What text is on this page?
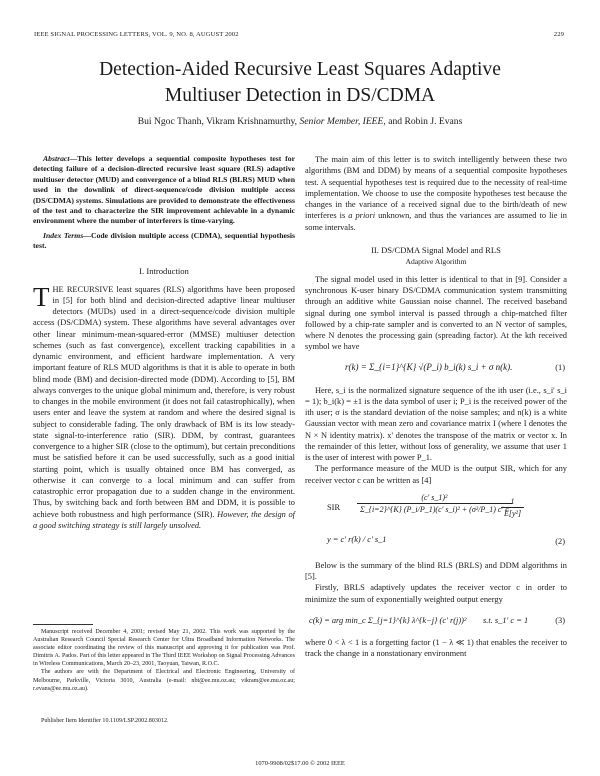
IEEE SIGNAL PROCESSING LETTERS, VOL. 9, NO. 8, AUGUST 2002	229
Detection-Aided Recursive Least Squares Adaptive
Multiuser Detection in DS/CDMA
Bui Ngoc Thanh, Vikram Krishnamurthy, Senior Member, IEEE, and Robin J. Evans

Abstract—This letter develops a sequential composite hypotheses test for detecting failure of a decision-directed recursive least square (RLS) adaptive multiuser detector (MUD) and convergence of a blind RLS (BLRS) MUD when used in the downlink of direct-sequence/code division multiple access (DS/CDMA) systems. Simulations are provided to demonstrate the effectiveness of the test and to characterize the SIR improvement achievable in a dynamic environment where the number of interferers is time-varying.

Index Terms—Code division multiple access (CDMA), sequential hypothesis test.

I. Introduction

THE RECURSIVE least squares (RLS) algorithms have been proposed in [5] for both blind and decision-directed adaptive linear multiuser detectors (MUDs) used in a direct-sequence/code division multiple access (DS/CDMA) system. These algorithms have several advantages over other linear minimum-mean-squared-error (MMSE) multiuser detection schemes (such as fast convergence), excellent tracking capabilities in a dynamic environment, and efficient hardware implementation. A very important feature of RLS MUD algorithms is that it is able to operate in both blind mode (BM) and decision-directed mode (DDM). According to [5], BM always converges to the unique global minimum and, therefore, is very robust to changes in the mobile environment (it does not fail catastrophically), when users enter and leave the system at random and where the desired signal is subject to considerable fading. The only drawback of BM is its low steady-state signal-to-interference ratio (SIR). DDM, by contrast, guarantees convergence to a higher SIR (close to the optimum), but certain preconditions must be satisfied before it can be used successfully, such as a good initial starting point, which is usually obtained once BM has converged, as otherwise it can converge to a local minimum and can suffer from catastrophic error propagation due to a sudden change in the environment. Thus, by switching back and forth between BM and DDM, it is possible to achieve both robustness and high performance (SIR). However, the design of a good switching strategy is still largely unsolved.

Manuscript received December 4, 2001; revised May 21, 2002. This work was supported by the Australian Research Council Special Research Center for Ultra Broadband Information Networks. The associate editor coordinating the review of this manuscript and approving it for publication was Prof. Dimitris A. Pados. Part of this letter appeared in The Third IEEE Workshop on Signal Processing Advances in Wireless Communications, March 20–23, 2001, Taoyuan, Taiwan, R.O.C.

The authors are with the Department of Electrical and Electronic Engineering, University of Melbourne, Parkville, Victoria 3010, Australia (e-mail: nbt@ee.mu.oz.au; vikram@ee.mu.oz.au; r.evans@ee.mu.oz.au).

Publisher Item Identifier 10.1109/LSP.2002.803012.

The main aim of this letter is to switch intelligently between these two algorithms (BM and DDM) by means of a sequential composite hypotheses test. A sequential hypotheses test is required due to the necessity of real-time implementation. We choose to use the composite hypotheses test because the changes in the variance of a received signal due to the birth/death of new interferes is a priori unknown, and thus the variances are assumed to lie in some intervals.

II. DS/CDMA Signal Model and RLS
Adaptive Algorithm

The signal model used in this letter is identical to that in [9]. Consider a synchronous K-user binary DS/CDMA communication system transmitting through an additive white Gaussian noise channel. The received baseband signal during one symbol interval is passed through a chip-matched filter followed by a chip-rate sampler and is converted to an N vector of samples, where N denotes the processing gain (spreading factor). At the kth received symbol we have

r(k) = Σ_{i=1}^{K} √(P_i) b_i(k) s_i + σ n(k).	(1)

Here, s_i is the normalized signature sequence of the ith user (i.e., s_i' s_i = 1); b_i(k) = ±1 is the data symbol of user i; P_i is the received power of the ith user; σ is the standard deviation of the noise samples; and n(k) is a white Gaussian vector with mean zero and covariance matrix I (where I denotes the N × N identity matrix). x' denotes the transpose of the matrix or vector x. In the remainder of this letter, without loss of generality, we assume that user 1 is the user of interest with power P_1.

The performance measure of the MUD is the output SIR, which for any receiver vector c can be written as [4]

SIR $\frac{\text{(c' s\_1)²}}{\text{Σ\_\{i=2\}\textasciicircum{}\{K\} (P\_i/P\_1)(c' s\_i)² + (σ²/P\_1) c' c}}$
$\frac{1}{\text{E[y²]}}$
y = c' r(k) / c' s_1	(2)

Below is the summary of the blind RLS (BRLS) and DDM algorithms in [5].

Firstly, BRLS adaptively updates the receiver vector c in order to minimize the sum of exponentially weighted output energy

c(k) = arg min_c Σ_{j=1}^{k} λ^{k−j} (c' r(j))² s.t. s_1' c = 1	(3)

where 0 < λ < 1 is a forgetting factor (1 − λ ≪ 1) that enables the receiver to track the change in a nonstationary environment

1070-9908/02$17.00 © 2002 IEEE
